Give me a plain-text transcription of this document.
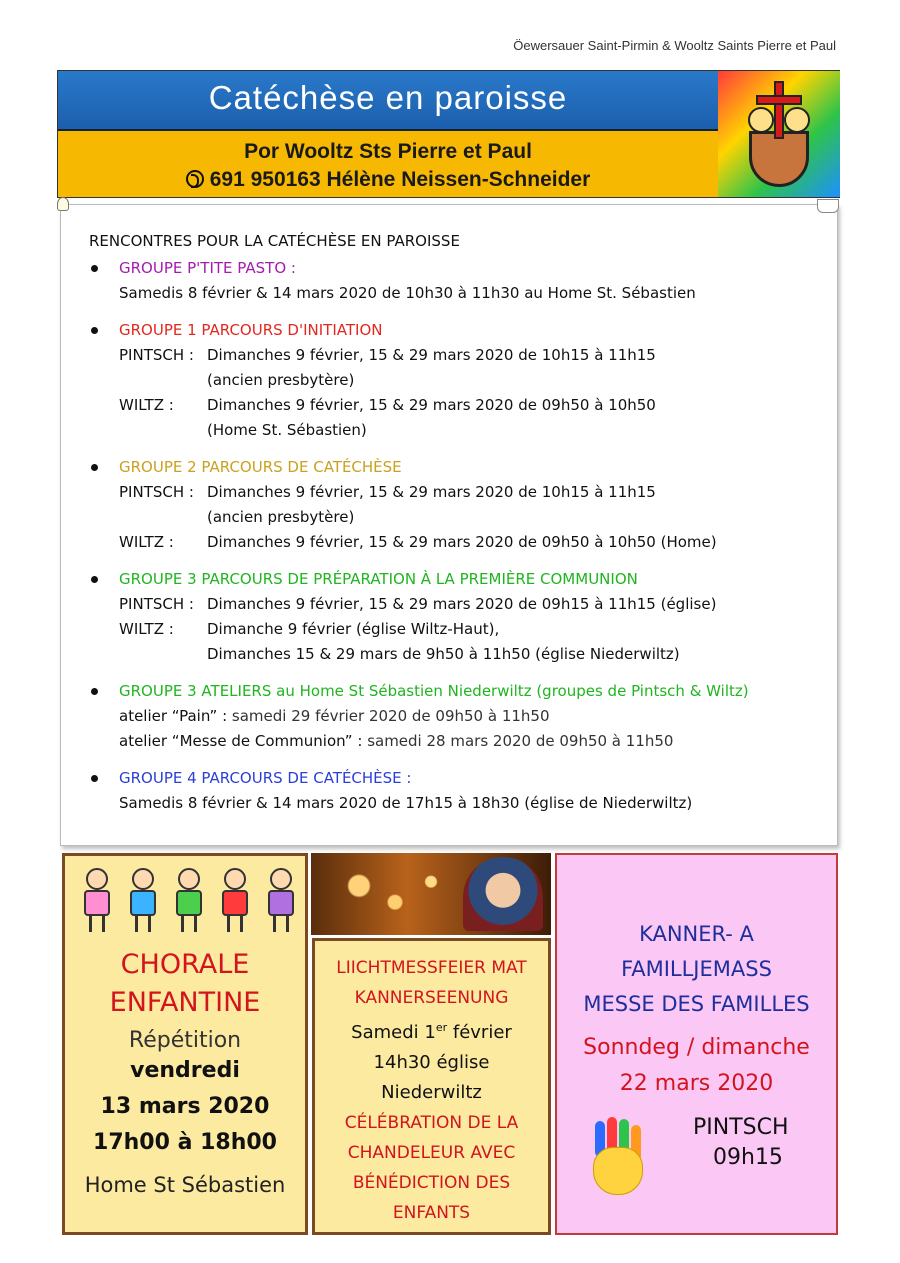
Öewersauer Saint-Pirmin & Wooltz Saints Pierre et Paul
Catéchèse en paroisse
Por Wooltz Sts Pierre et Paul
691 950163 Hélène Neissen-Schneider
RENCONTRES POUR LA CATÉCHÈSE EN PAROISSE
GROUPE P'TITE PASTO :
Samedis 8 février & 14 mars 2020 de 10h30 à 11h30 au Home St. Sébastien
GROUPE 1 PARCOURS D'INITIATION
PINTSCH : Dimanches 9 février, 15 & 29 mars 2020 de 10h15 à 11h15
(ancien presbytère)
WILTZ :	Dimanches 9 février, 15 & 29 mars 2020 de 09h50 à 10h50
(Home St. Sébastien)
GROUPE 2 PARCOURS DE CATÉCHÈSE
PINTSCH : Dimanches 9 février, 15 & 29 mars 2020 de 10h15 à 11h15
(ancien presbytère)
WILTZ :	Dimanches 9 février, 15 & 29 mars 2020 de 09h50 à 10h50 (Home)
GROUPE 3 PARCOURS DE PRÉPARATION À LA PREMIÈRE COMMUNION
PINTSCH : Dimanches 9 février, 15 & 29 mars 2020 de 09h15 à 11h15 (église)
WILTZ :	Dimanche 9 février (église Wiltz-Haut),
Dimanches 15 & 29 mars de 9h50 à 11h50 (église Niederwiltz)
GROUPE 3 ATELIERS au Home St Sébastien Niederwiltz (groupes de Pintsch & Wiltz)
atelier “Pain” : samedi 29 février 2020 de 09h50 à 11h50
atelier “Messe de Communion” : samedi 28 mars 2020 de 09h50 à 11h50
GROUPE 4 PARCOURS DE CATÉCHÈSE :
Samedis 8 février & 14 mars 2020 de 17h15 à 18h30 (église de Niederwiltz)
CHORALE
ENFANTINE
Répétition
vendredi
13 mars 2020
17h00 à 18h00
Home St Sébastien
LIICHTMESSFEIER MAT
KANNERSEENUNG
Samedi 1er février
14h30 église
Niederwiltz
CÉLÉBRATION DE LA
CHANDELEUR AVEC
BÉNÉDICTION DES
ENFANTS
KANNER- A
FAMILLJEMASS
MESSE DES FAMILLES
Sonndeg / dimanche
22 mars 2020
PINTSCH
09h15
